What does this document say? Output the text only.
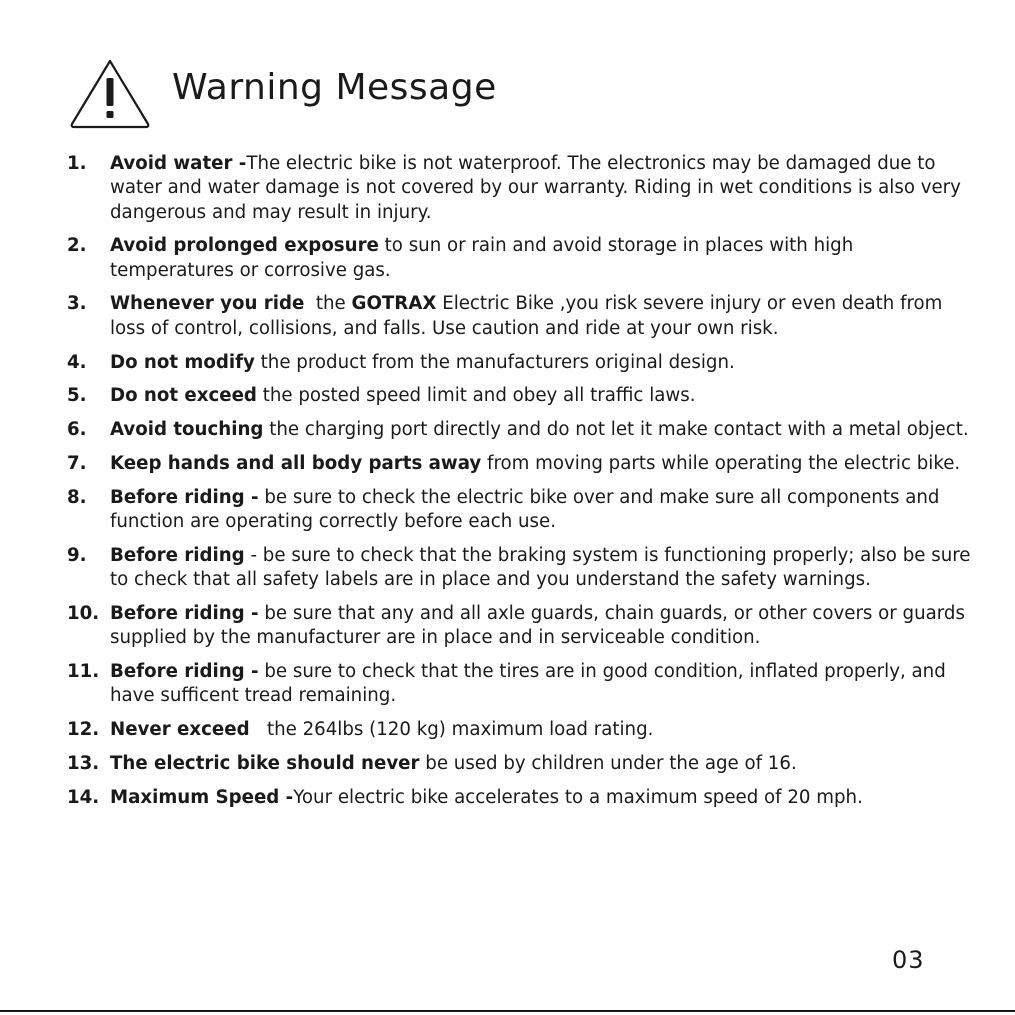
Warning Message
1.	Avoid water -The electric bike is not waterproof. The electronics may be damaged due to water and water damage is not covered by our warranty. Riding in wet conditions is also very dangerous and may result in injury.
2.	Avoid prolonged exposure to sun or rain and avoid storage in places with high temperatures or corrosive gas.
3.	Whenever you ride  the GOTRAX Electric Bike ,you risk severe injury or even death from loss of control, collisions, and falls. Use caution and ride at your own risk.
4.	Do not modify the product from the manufacturers original design.
5.	Do not exceed the posted speed limit and obey all traffic laws.
6.	Avoid touching the charging port directly and do not let it make contact with a metal object.
7.	Keep hands and all body parts away from moving parts while operating the electric bike.
8.	Before riding - be sure to check the electric bike over and make sure all components and function are operating correctly before each use.
9.	Before riding - be sure to check that the braking system is functioning properly; also be sure to check that all safety labels are in place and you understand the safety warnings.
10. Before riding - be sure that any and all axle guards, chain guards, or other covers or guards supplied by the manufacturer are in place and in serviceable condition.
11. Before riding - be sure to check that the tires are in good condition, inflated properly, and have sufficent tread remaining.
12. Never exceed   the 264lbs (120 kg) maximum load rating.
13. The electric bike should never be used by children under the age of 16.
14. Maximum Speed -Your electric bike accelerates to a maximum speed of 20 mph.
03
